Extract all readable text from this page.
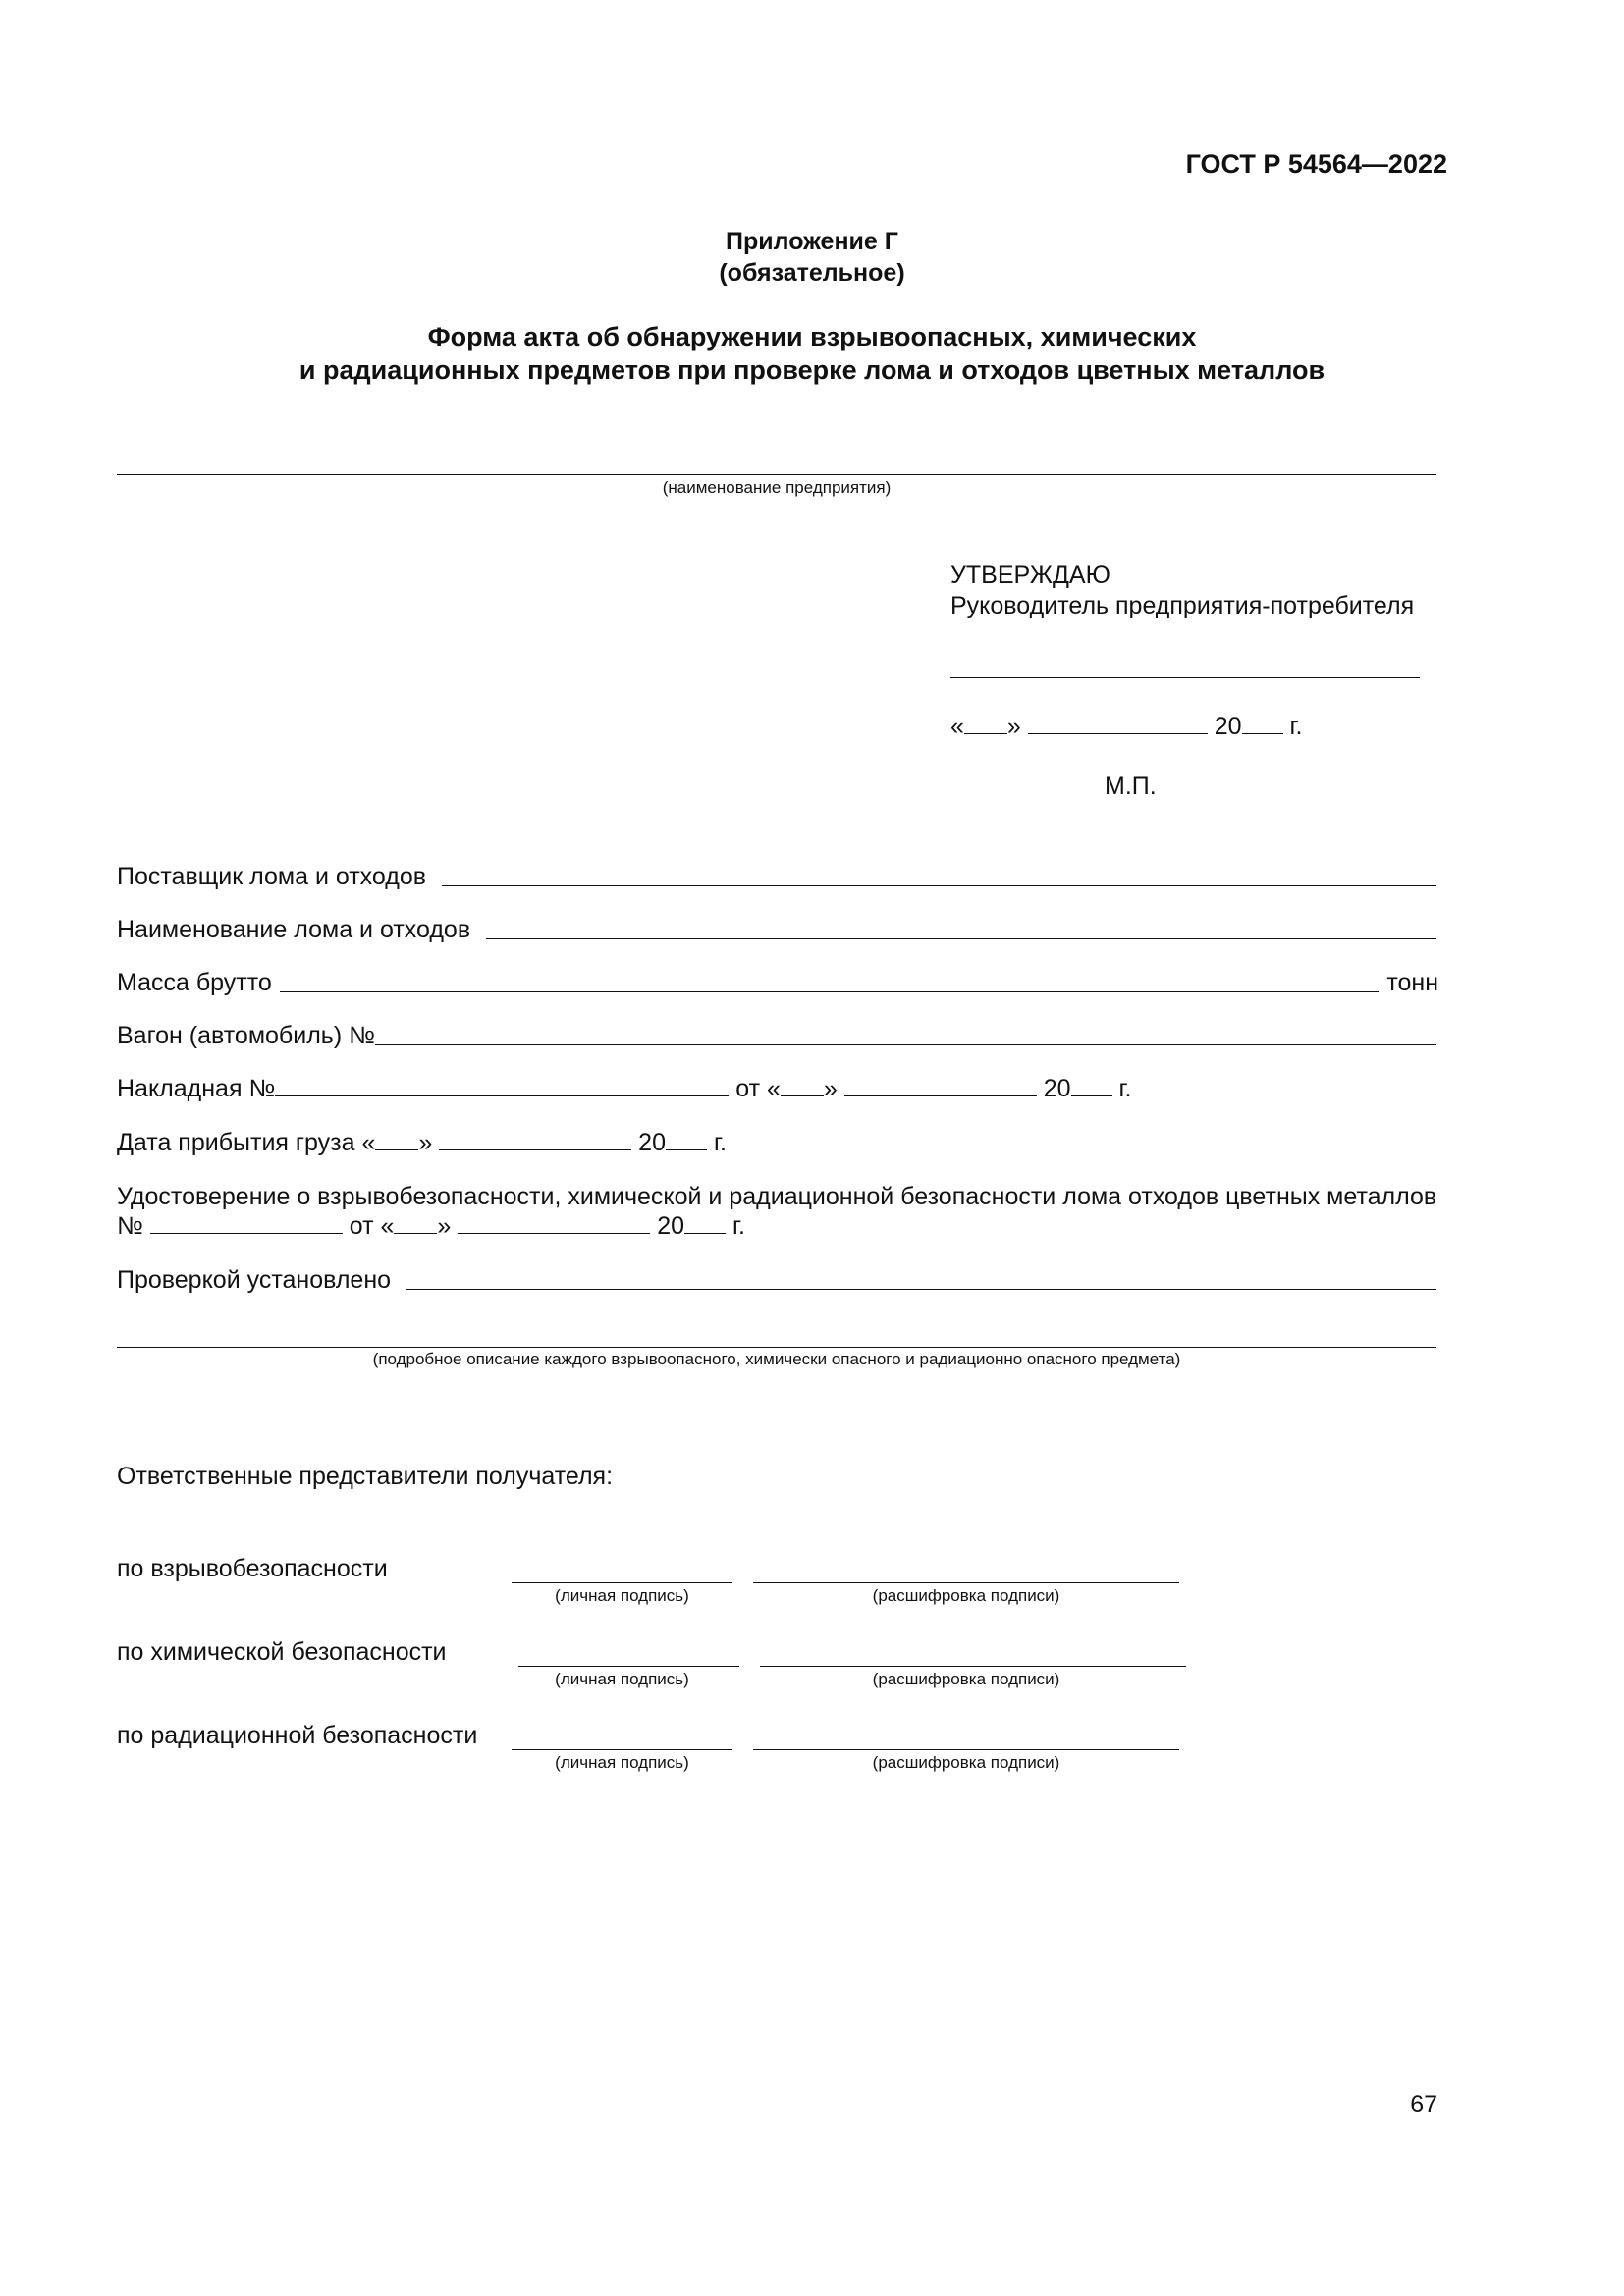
ГОСТ Р 54564—2022
Приложение Г
(обязательное)
Форма акта об обнаружении взрывоопасных, химических
и радиационных предметов при проверке лома и отходов цветных металлов
(наименование предприятия)
УТВЕРЖДАЮ
Руководитель предприятия-потребителя
« »	20 г.
М.П.
Поставщик лома и отходов
Наименование лома и отходов
Масса брутто	тонн
Вагон (автомобиль) №
Накладная №	от « »	20 г.
Дата прибытия груза « »	20 г.
Удостоверение о взрывобезопасности, химической и радиационной безопасности лома отходов цветных металлов
№	от « »	20 г.
Проверкой установлено
(подробное описание каждого взрывоопасного, химически опасного и радиационно опасного предмета)
Ответственные представители получателя:
по взрывобезопасности
(личная подпись)	(расшифровка подписи)
по химической безопасности
(личная подпись)	(расшифровка подписи)
по радиационной безопасности
(личная подпись)	(расшифровка подписи)
67
